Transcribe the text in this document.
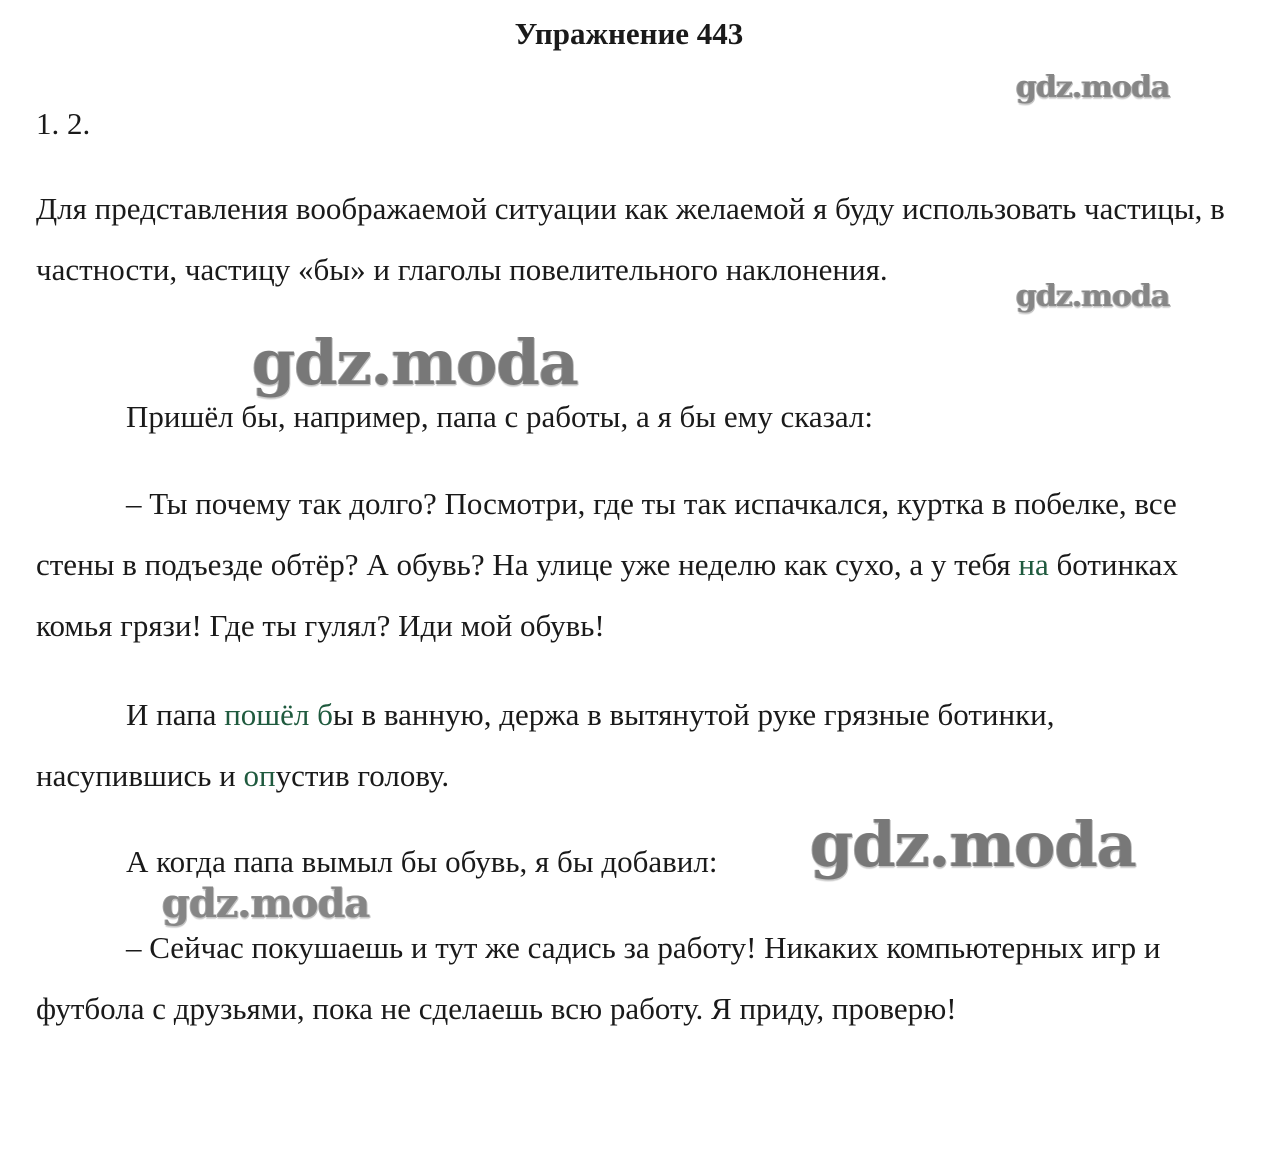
Упражнение 443
1. 2.

Для представления воображаемой ситуации как желаемой я буду использовать частицы, в частности, частицу «бы» и глаголы повелительного наклонения.

Пришёл бы, например, папа с работы, а я бы ему сказал:

– Ты почему так долго? Посмотри, где ты так испачкался, куртка в побелке, все стены в подъезде обтёр? А обувь? На улице уже неделю как сухо, а у тебя на ботинках комья грязи! Где ты гулял? Иди мой обувь!

И папа пошёл бы в ванную, держа в вытянутой руке грязные ботинки, насупившись и опустив голову.

А когда папа вымыл бы обувь, я бы добавил:

– Сейчас покушаешь и тут же садись за работу! Никаких компьютерных игр и футбола с друзьями, пока не сделаешь всю работу. Я приду, проверю!

gdz.moda
gdz.moda
gdz.moda
gdz.moda
gdz.moda
